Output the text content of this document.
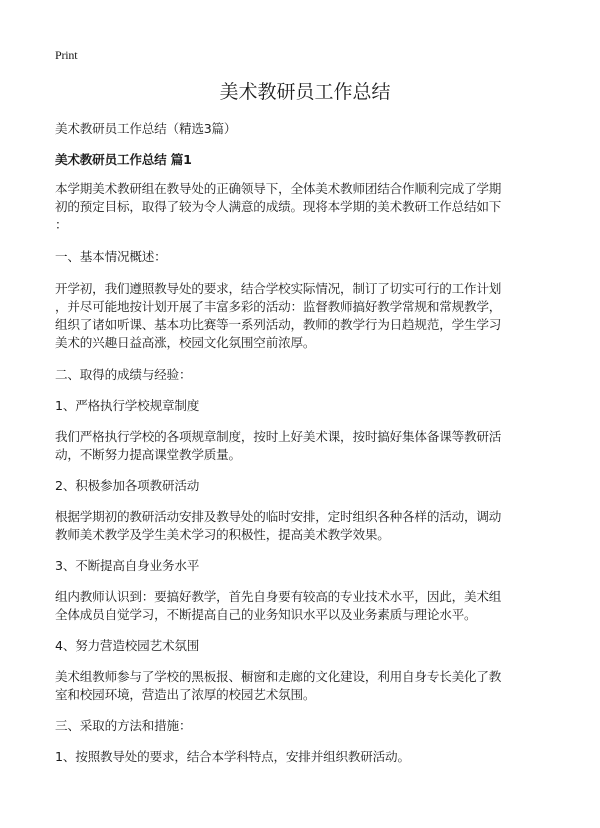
Print
美术教研员工作总结
美术教研员工作总结（精选3篇）
美术教研员工作总结 篇1
本学期美术教研组在教导处的正确领导下，全体美术教师团结合作顺利完成了学期
初的预定目标，取得了较为令人满意的成绩。现将本学期的美术教研工作总结如下
：
一、基本情况概述：
开学初，我们遵照教导处的要求，结合学校实际情况，制订了切实可行的工作计划
，并尽可能地按计划开展了丰富多彩的活动：监督教师搞好教学常规和常规教学，
组织了诸如听课、基本功比赛等一系列活动，教师的教学行为日趋规范，学生学习
美术的兴趣日益高涨，校园文化氛围空前浓厚。
二、取得的成绩与经验：
1、严格执行学校规章制度
我们严格执行学校的各项规章制度，按时上好美术课，按时搞好集体备课等教研活
动，不断努力提高课堂教学质量。
2、积极参加各项教研活动
根据学期初的教研活动安排及教导处的临时安排，定时组织各种各样的活动，调动
教师美术教学及学生美术学习的积极性，提高美术教学效果。
3、不断提高自身业务水平
组内教师认识到：要搞好教学，首先自身要有较高的专业技术水平，因此，美术组
全体成员自觉学习，不断提高自己的业务知识水平以及业务素质与理论水平。
4、努力营造校园艺术氛围
美术组教师参与了学校的黑板报、橱窗和走廊的文化建设，利用自身专长美化了教
室和校园环境，营造出了浓厚的校园艺术氛围。
三、采取的方法和措施：
1、按照教导处的要求，结合本学科特点，安排并组织教研活动。
